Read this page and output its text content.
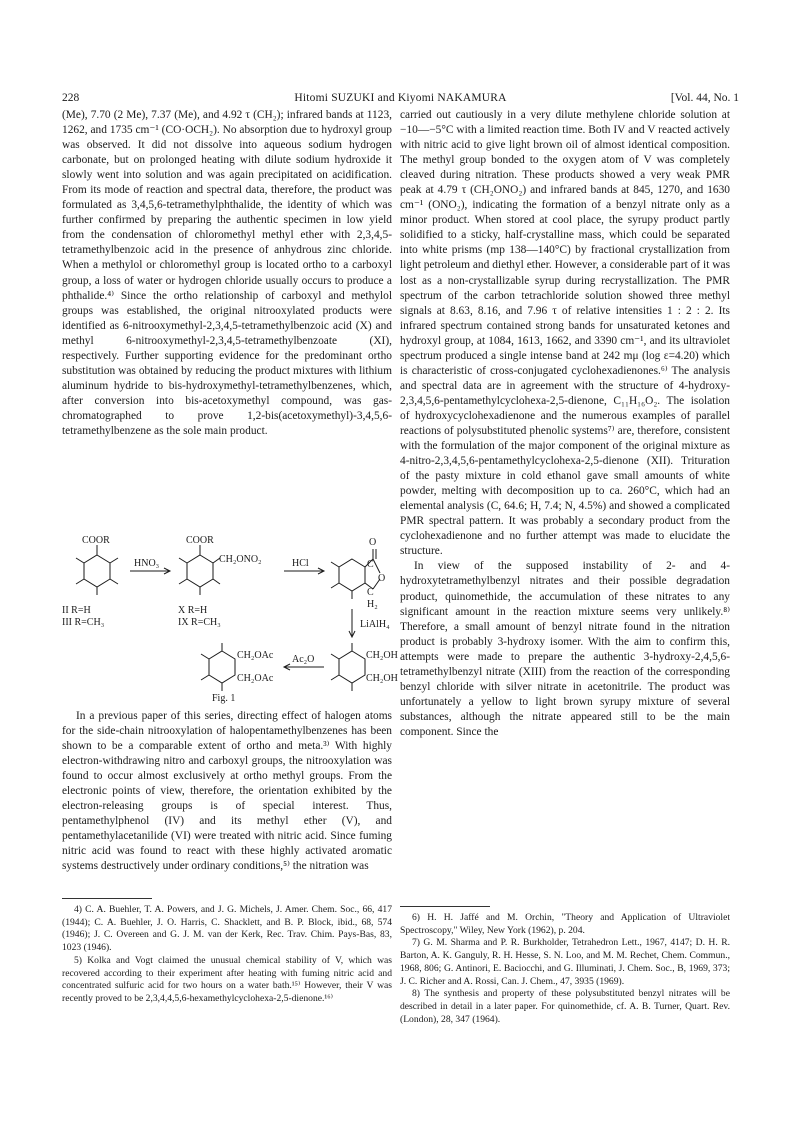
228	Hitomi SUZUKI and Kiyomi NAKAMURA	[Vol. 44, No. 1

(Me), 7.70 (2 Me), 7.37 (Me), and 4.92 τ (CH₂); infrared bands at 1123, 1262, and 1735 cm⁻¹ (CO·OCH₂). No absorption due to hydroxyl group was observed. It did not dissolve into aqueous sodium hydrogen carbonate, but on prolonged heating with dilute sodium hydroxide it slowly went into solution and was again precipitated on acidification. From its mode of reaction and spectral data, therefore, the product was formulated as 3,4,5,6-tetramethylphthalide, the identity of which was further confirmed by preparing the authentic specimen in low yield from the condensation of chloromethyl methyl ether with 2,3,4,5-tetramethylbenzoic acid in the presence of anhydrous zinc chloride. When a methylol or chloromethyl group is located ortho to a carboxyl group, a loss of water or hydrogen chloride usually occurs to produce a phthalide.⁴⁾ Since the ortho relationship of carboxyl and methylol groups was established, the original nitrooxylated products were identified as 6-nitrooxymethyl-2,3,4,5-tetramethylbenzoic acid (X) and methyl 6-nitrooxymethyl-2,3,4,5-tetramethylbenzoate (XI), respectively. Further supporting evidence for the predominant ortho substitution was obtained by reducing the product mixtures with lithium aluminum hydride to bis-hydroxymethyl-tetramethylbenzenes, which, after conversion into bis-acetoxymethyl compound, was gas-chromatographed to prove 1,2-bis(acetoxymethyl)-3,4,5,6-tetramethylbenzene as the sole main product.

COOR
HNO₃
COOR
CH₂ONO₂	HCl
O
C
O
C
H₂
LiAlH₄
II R=H
III R=CH₃
X R=H
IX R=CH₃
CH₂OAc
CH₂OAc
Ac₂O	CH₂OH
CH₂OH
Fig. 1

In a previous paper of this series, directing effect of halogen atoms for the side-chain nitrooxylation of halopentamethylbenzenes has been shown to be a comparable extent of ortho and meta.³⁾ With highly electron-withdrawing nitro and carboxyl groups, the nitrooxylation was found to occur almost exclusively at ortho methyl groups. From the electronic points of view, therefore, the orientation exhibited by the electron-releasing groups is of special interest. Thus, pentamethylphenol (IV) and its methyl ether (V), and pentamethylacetanilide (VI) were treated with nitric acid. Since fuming nitric acid was found to react with these highly activated aromatic systems destructively under ordinary conditions,⁵⁾ the nitration was

carried out cautiously in a very dilute methylene chloride solution at −10—−5°C with a limited reaction time. Both IV and V reacted actively with nitric acid to give light brown oil of almost identical composition. The methyl group bonded to the oxygen atom of V was completely cleaved during nitration. These products showed a very weak PMR peak at 4.79 τ (CH₂ONO₂) and infrared bands at 845, 1270, and 1630 cm⁻¹ (ONO₂), indicating the formation of a benzyl nitrate only as a minor product. When stored at cool place, the syrupy product partly solidified to a sticky, half-crystalline mass, which could be separated into white prisms (mp 138—140°C) by fractional crystallization from light petroleum and diethyl ether. However, a considerable part of it was lost as a non-crystallizable syrup during recrystallization. The PMR spectrum of the carbon tetrachloride solution showed three methyl signals at 8.63, 8.16, and 7.96 τ of relative intensities 1 : 2 : 2. Its infrared spectrum contained strong bands for unsaturated ketones and hydroxyl group, at 1084, 1613, 1662, and 3390 cm⁻¹, and its ultraviolet spectrum produced a single intense band at 242 mμ (log ε=4.20) which is characteristic of cross-conjugated cyclohexadienones.⁶⁾ The analysis and spectral data are in agreement with the structure of 4-hydroxy-2,3,4,5,6-pentamethylcyclohexa-2,5-dienone, C₁₁H₁₆O₂. The isolation of hydroxycyclohexadienone and the numerous examples of parallel reactions of polysubstituted phenolic systems⁷⁾ are, therefore, consistent with the formulation of the major component of the original mixture as 4-nitro-2,3,4,5,6-pentamethylcyclohexa-2,5-dienone (XII). Trituration of the pasty mixture in cold ethanol gave small amounts of white powder, melting with decomposition up to ca. 260°C, which had an elemental analysis (C, 64.6; H, 7.4; N, 4.5%) and showed a complicated PMR spectral pattern. It was probably a secondary product from the cyclohexadienone and no further attempt was made to elucidate the structure.

In view of the supposed instability of 2- and 4-hydroxytetramethylbenzyl nitrates and their possible degradation product, quinomethide, the accumulation of these nitrates to any significant amount in the reaction mixture seems very unlikely.⁸⁾ Therefore, a small amount of benzyl nitrate found in the nitration product is probably 3-hydroxy isomer. With the aim to confirm this, attempts were made to prepare the authentic 3-hydroxy-2,4,5,6-tetramethylbenzyl nitrate (XIII) from the reaction of the corresponding benzyl chloride with silver nitrate in acetonitrile. The product was unfortunately a yellow to light brown syrupy mixture of several substances, although the nitrate appeared still to be the main component. Since the

4) C. A. Buehler, T. A. Powers, and J. G. Michels, J. Amer. Chem. Soc., 66, 417 (1944); C. A. Buehler, J. O. Harris, C. Shacklett, and B. P. Block, ibid., 68, 574 (1946); J. C. Overeen and G. J. M. van der Kerk, Rec. Trav. Chim. Pays-Bas, 83, 1023 (1946).

5) Kolka and Vogt claimed the unusual chemical stability of V, which was recovered according to their experiment after heating with fuming nitric acid and concentrated sulfuric acid for two hours on a water bath.¹⁵⁾ However, their V was recently proved to be 2,3,4,4,5,6-hexamethylcyclohexa-2,5-dienone.¹⁶⁾

6) H. H. Jaffé and M. Orchin, "Theory and Application of Ultraviolet Spectroscopy," Wiley, New York (1962), p. 204.

7) G. M. Sharma and P. R. Burkholder, Tetrahedron Lett., 1967, 4147; D. H. R. Barton, A. K. Ganguly, R. H. Hesse, S. N. Loo, and M. M. Rechet, Chem. Commun., 1968, 806; G. Antinori, E. Baciocchi, and G. Illuminati, J. Chem. Soc., B, 1969, 373; J. C. Richer and A. Rossi, Can. J. Chem., 47, 3935 (1969).

8) The synthesis and property of these polysubstituted benzyl nitrates will be described in detail in a later paper. For quinomethide, cf. A. B. Turner, Quart. Rev. (London), 28, 347 (1964).
